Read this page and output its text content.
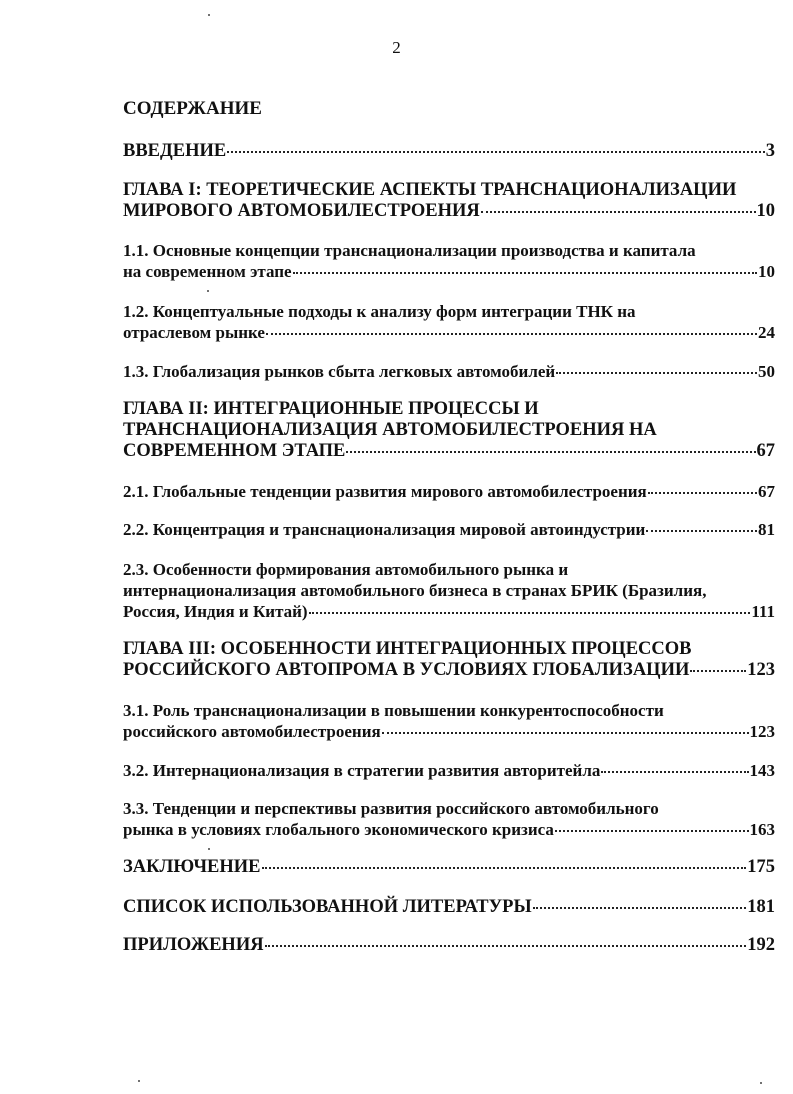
2
СОДЕРЖАНИЕ
ВВЕДЕНИЕ	3
ГЛАВА I: ТЕОРЕТИЧЕСКИЕ АСПЕКТЫ ТРАНСНАЦИОНАЛИЗАЦИИ
МИРОВОГО АВТОМОБИЛЕСТРОЕНИЯ	10
1.1. Основные концепции транснационализации производства и капитала
на современном этапе	10
1.2. Концептуальные подходы к анализу форм интеграции ТНК на
отраслевом рынке	24
1.3. Глобализация рынков сбыта легковых автомобилей	50
ГЛАВА II: ИНТЕГРАЦИОННЫЕ ПРОЦЕССЫ И
ТРАНСНАЦИОНАЛИЗАЦИЯ АВТОМОБИЛЕСТРОЕНИЯ НА
СОВРЕМЕННОМ ЭТАПЕ	67
2.1. Глобальные тенденции развития мирового автомобилестроения	67
2.2. Концентрация и транснационализация мировой автоиндустрии	81
2.3. Особенности формирования автомобильного рынка и
интернационализация автомобильного бизнеса в странах БРИК (Бразилия,
Россия, Индия и Китай)	111
ГЛАВА III: ОСОБЕННОСТИ ИНТЕГРАЦИОННЫХ ПРОЦЕССОВ
РОССИЙСКОГО АВТОПРОМА В УСЛОВИЯХ ГЛОБАЛИЗАЦИИ	123
3.1. Роль транснационализации в повышении конкурентоспособности
российского автомобилестроения	123
3.2. Интернационализация в стратегии развития авторитейла	143
3.3. Тенденции и перспективы развития российского автомобильного
рынка в условиях глобального экономического кризиса	163
ЗАКЛЮЧЕНИЕ	175
СПИСОК ИСПОЛЬЗОВАННОЙ ЛИТЕРАТУРЫ	181
ПРИЛОЖЕНИЯ	192
